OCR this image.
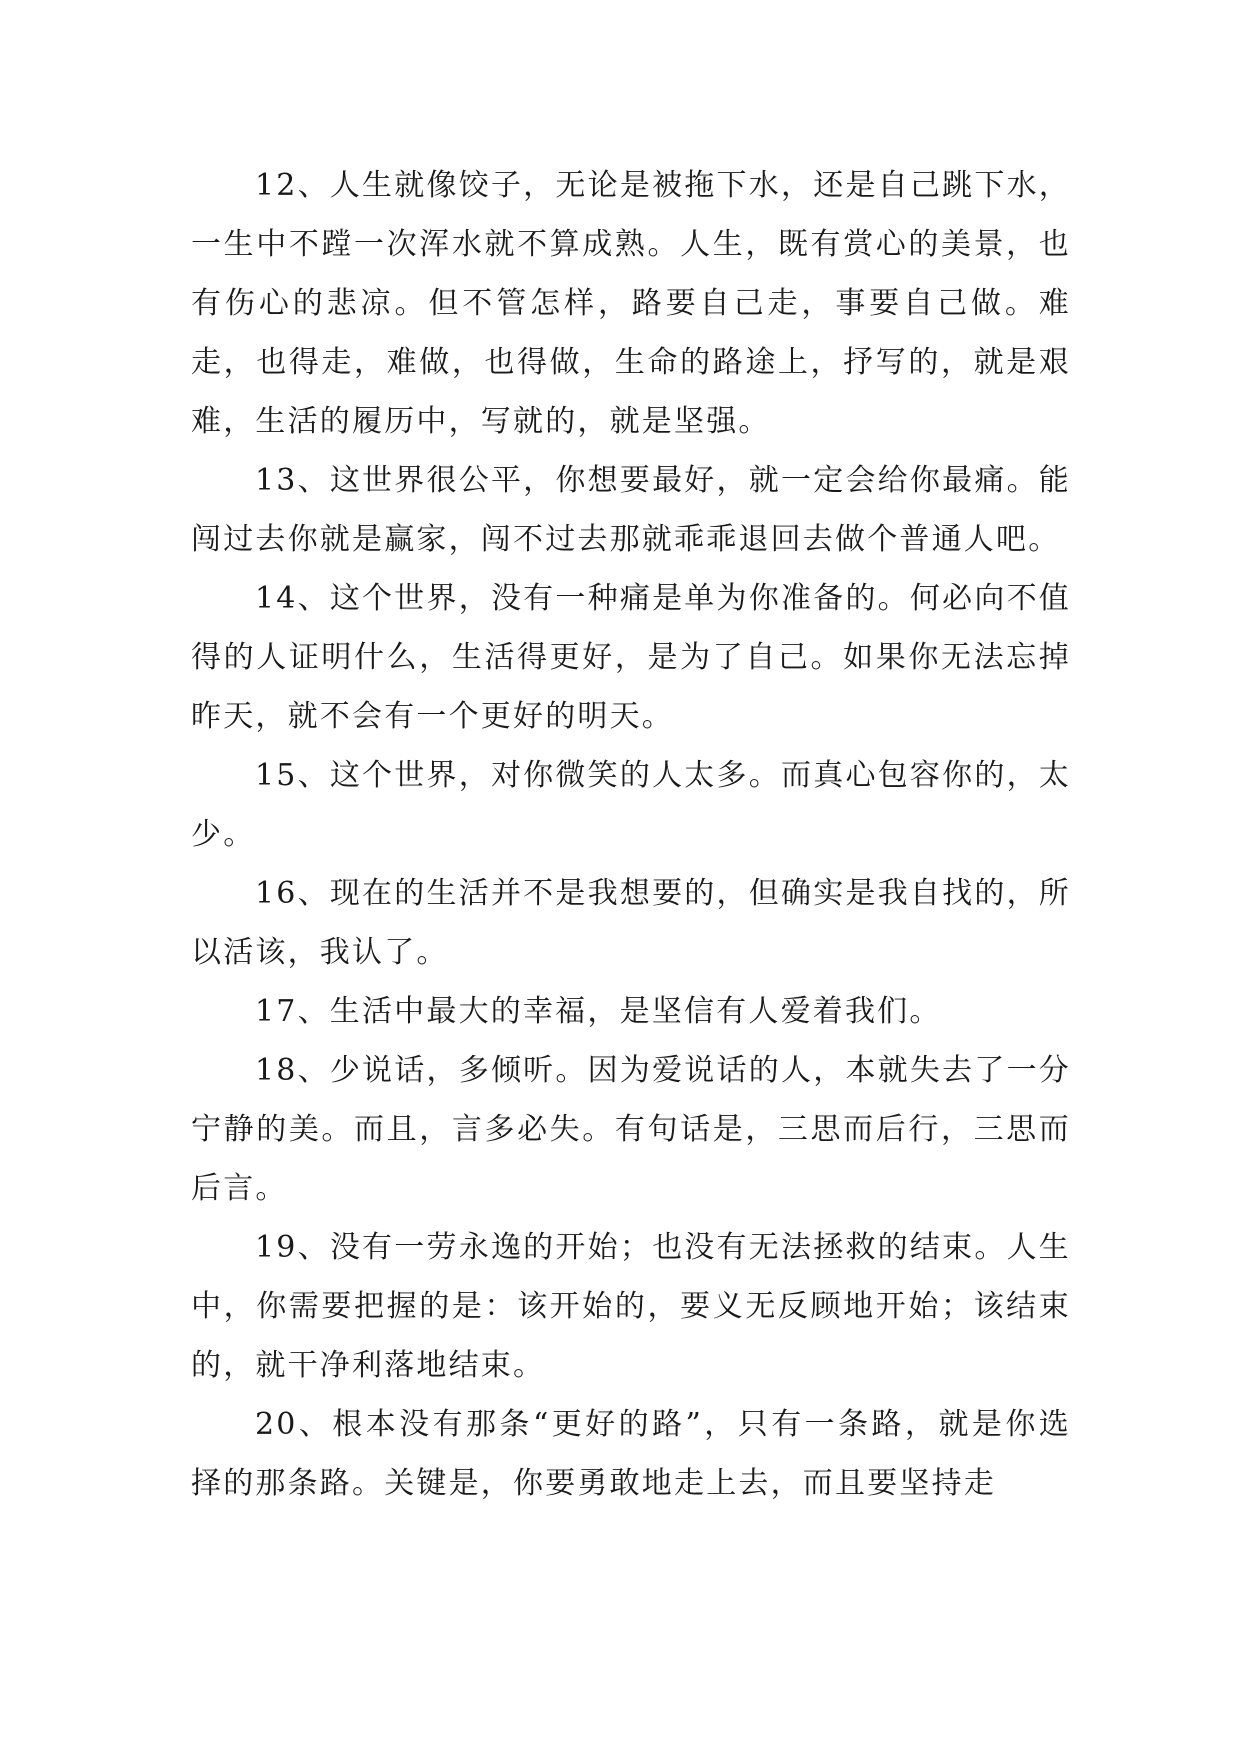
12、人生就像饺子，无论是被拖下水，还是自己跳下水，一生中不蹚一次浑水就不算成熟。人生，既有赏心的美景，也有伤心的悲凉。但不管怎样，路要自己走，事要自己做。难走，也得走，难做，也得做，生命的路途上，抒写的，就是艰难，生活的履历中，写就的，就是坚强。

13、这世界很公平，你想要最好，就一定会给你最痛。能闯过去你就是赢家，闯不过去那就乖乖退回去做个普通人吧。

14、这个世界，没有一种痛是单为你准备的。何必向不值得的人证明什么，生活得更好，是为了自己。如果你无法忘掉昨天，就不会有一个更好的明天。

15、这个世界，对你微笑的人太多。而真心包容你的，太少。

16、现在的生活并不是我想要的，但确实是我自找的，所以活该，我认了。

17、生活中最大的幸福，是坚信有人爱着我们。

18、少说话，多倾听。因为爱说话的人，本就失去了一分宁静的美。而且，言多必失。有句话是，三思而后行，三思而后言。

19、没有一劳永逸的开始；也没有无法拯救的结束。人生中，你需要把握的是：该开始的，要义无反顾地开始；该结束的，就干净利落地结束。

20、根本没有那条“更好的路”，只有一条路，就是你选择的那条路。关键是，你要勇敢地走上去，而且要坚持走
